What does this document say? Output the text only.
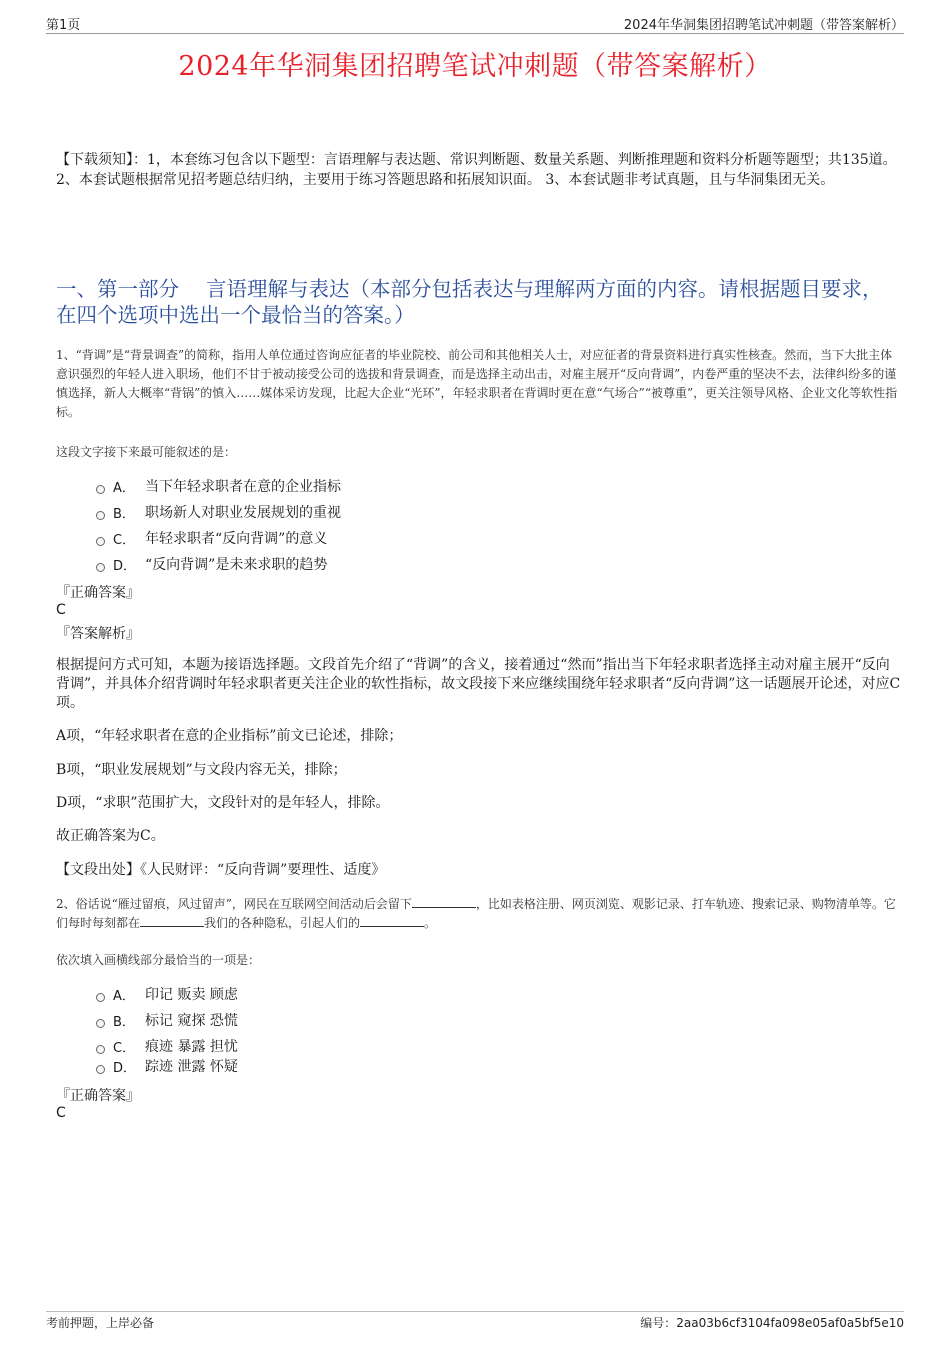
第1页	2024年华洞集团招聘笔试冲刺题（带答案解析）
2024年华洞集团招聘笔试冲刺题（带答案解析）
【下载须知】：1，本套练习包含以下题型：言语理解与表达题、常识判断题、数量关系题、判断推理题和资料分析题等题型；共135道。 2、本套试题根据常见招考题总结归纳，主要用于练习答题思路和拓展知识面。 3、本套试题非考试真题，且与华洞集团无关。
一、第一部分　 言语理解与表达（本部分包括表达与理解两方面的内容。请根据题目要求，在四个选项中选出一个最恰当的答案。）
1、“背调”是“背景调查”的简称，指用人单位通过咨询应征者的毕业院校、前公司和其他相关人士，对应征者的背景资料进行真实性核查。然而，当下大批主体意识强烈的年轻人进入职场，他们不甘于被动接受公司的选拔和背景调查，而是选择主动出击，对雇主展开“反向背调”，内卷严重的坚决不去，法律纠纷多的谨慎选择，新人大概率“背锅”的慎入……媒体采访发现，比起大企业“光环”，年轻求职者在背调时更在意“气场合”“被尊重”，更关注领导风格、企业文化等软性指标。
这段文字接下来最可能叙述的是：
A． 当下年轻求职者在意的企业指标
B． 职场新人对职业发展规划的重视
C． 年轻求职者“反向背调”的意义
D． “反向背调”是未来求职的趋势
『正确答案』
C
『答案解析』
根据提问方式可知，本题为接语选择题。文段首先介绍了“背调”的含义，接着通过“然而”指出当下年轻求职者选择主动对雇主展开“反向背调”，并具体介绍背调时年轻求职者更关注企业的软性指标，故文段接下来应继续围绕年轻求职者“反向背调”这一话题展开论述，对应C项。
A项，“年轻求职者在意的企业指标”前文已论述，排除；
B项，“职业发展规划”与文段内容无关，排除；
D项，“求职”范围扩大，文段针对的是年轻人，排除。
故正确答案为C。
【文段出处】《人民财评：“反向背调”要理性、适度》
2、俗话说“雁过留痕，风过留声”，网民在互联网空间活动后会留下	，比如表格注册、网页浏览、观影记录、打车轨迹、搜索记录、购物清单等。它们每时每刻都在	我们的各种隐私，引起人们的	。
依次填入画横线部分最恰当的一项是：
A． 印记 贩卖 顾虑
B． 标记 窥探 恐慌
C． 痕迹 暴露 担忧
D． 踪迹 泄露 怀疑
『正确答案』
C
考前押题，上岸必备	编号：2aa03b6cf3104fa098e05af0a5bf5e10
